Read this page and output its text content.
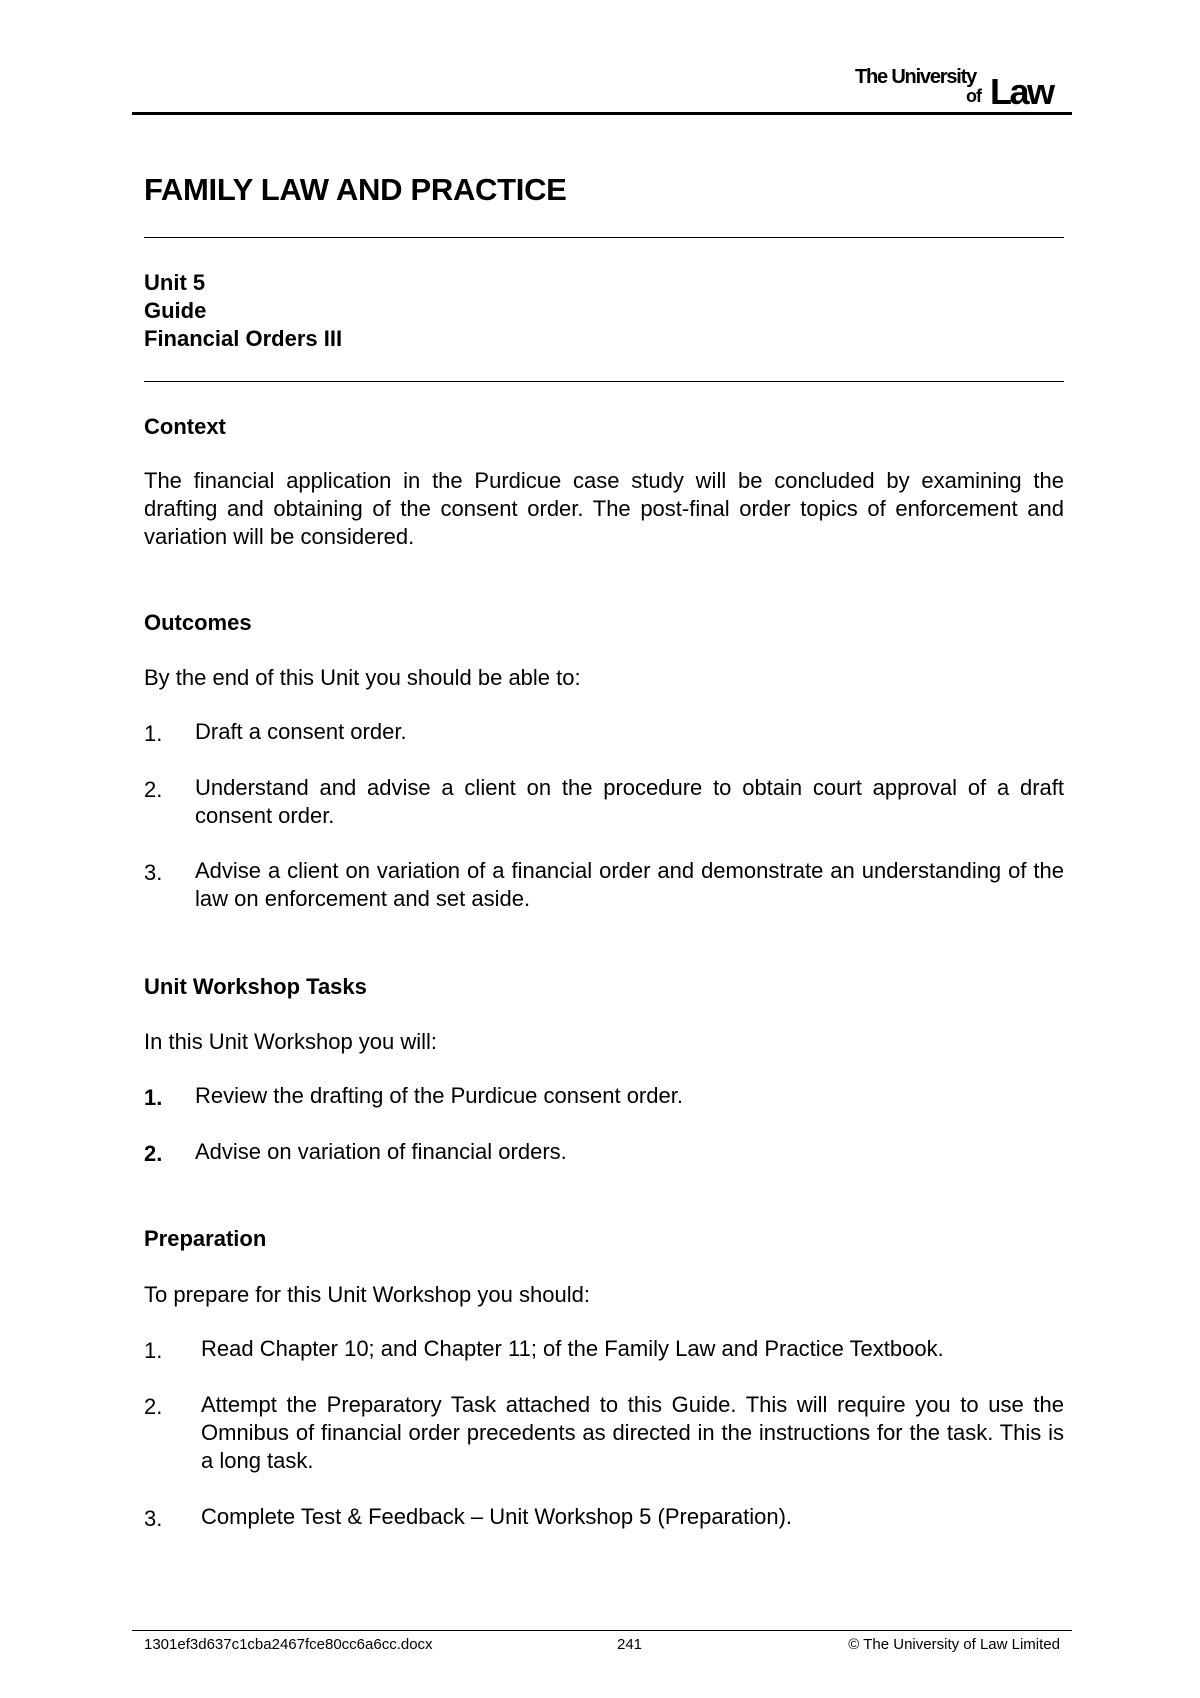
The University
of Law
FAMILY LAW AND PRACTICE
Unit 5
Guide
Financial Orders III
Context
The financial application in the Purdicue case study will be concluded by examining the drafting and obtaining of the consent order. The post-final order topics of enforcement and variation will be considered.
Outcomes
By the end of this Unit you should be able to:
1. Draft a consent order.
2. Understand and advise a client on the procedure to obtain court approval of a draft consent order.
3. Advise a client on variation of a financial order and demonstrate an understanding of the law on enforcement and set aside.
Unit Workshop Tasks
In this Unit Workshop you will:
1. Review the drafting of the Purdicue consent order.
2. Advise on variation of financial orders.
Preparation
To prepare for this Unit Workshop you should:
1. Read Chapter 10; and Chapter 11; of the Family Law and Practice Textbook.
2. Attempt the Preparatory Task attached to this Guide. This will require you to use the Omnibus of financial order precedents as directed in the instructions for the task. This is a long task.
3. Complete Test & Feedback – Unit Workshop 5 (Preparation).
1301ef3d637c1cba2467fce80cc6a6cc.docx	241	© The University of Law Limited
